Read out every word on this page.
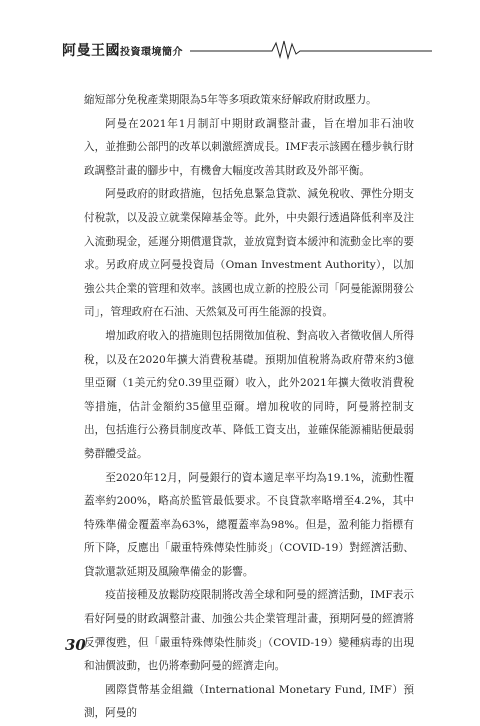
阿曼王國投資環境簡介

縮短部分免稅產業期限為5年等多項政策來紓解政府財政壓力。

阿曼在2021年1月制訂中期財政調整計畫，旨在增加非石油收入，並推動公部門的改革以刺激經濟成長。IMF表示該國在穩步執行財政調整計畫的腳步中，有機會大幅度改善其財政及外部平衡。

阿曼政府的財政措施，包括免息緊急貸款、減免稅收、彈性分期支付稅款，以及設立就業保障基金等。此外，中央銀行透過降低利率及注入流動現金，延遲分期償還貸款，並放寬對資本緩沖和流動金比率的要求。另政府成立阿曼投資局（Oman Investment Authority），以加強公共企業的管理和效率。該國也成立新的控股公司「阿曼能源開發公司」，管理政府在石油、天然氣及可再生能源的投資。

增加政府收入的措施則包括開徵加值稅、對高收入者徵收個人所得稅，以及在2020年擴大消費稅基礎。預期加值稅將為政府帶來約3億里亞爾（1美元約兌0.39里亞爾）收入，此外2021年擴大徵收消費稅等措施，估計金額約35億里亞爾。增加稅收的同時，阿曼將控制支出，包括進行公務員制度改革、降低工資支出，並確保能源補貼便最弱勢群體受益。

至2020年12月，阿曼銀行的資本適足率平均為19.1%，流動性覆蓋率約200%，略高於監管最低要求。不良貸款率略增至4.2%，其中特殊準備金覆蓋率為63%，總覆蓋率為98%。但是，盈利能力指標有所下降，反應出「嚴重特殊傳染性肺炎」（COVID-19）對經濟活動、貸款還款延期及風險準備金的影響。

疫苗接種及放鬆防疫限制將改善全球和阿曼的經濟活動，IMF表示看好阿曼的財政調整計畫、加強公共企業管理計畫，預期阿曼的經濟將反彈復甦，但「嚴重特殊傳染性肺炎」（COVID-19）變種病毒的出現和油價波動，也仍將牽動阿曼的經濟走向。

國際貨幣基金組織（International Monetary Fund, IMF）預測，阿曼的

30
